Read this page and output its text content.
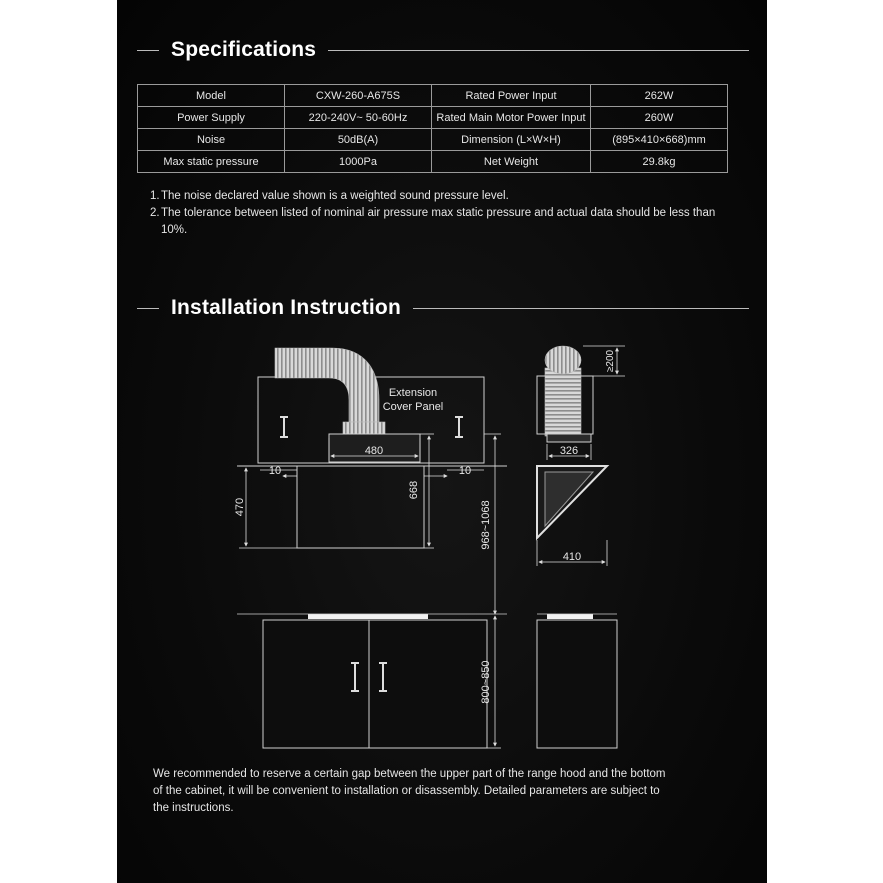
Specifications
Model	CXW-260-A675S	Rated Power Input	262W
Power Supply	220-240V~ 50-60Hz	Rated Main Motor Power Input	260W
Noise	50dB(A)	Dimension (L×W×H)	(895×410×668)mm
Max static pressure	1000Pa	Net Weight	29.8kg
1. The noise declared value shown is a weighted sound pressure level.
2. The tolerance between listed of nominal air pressure max static pressure and actual data should be less than 10%.
Installation Instruction
Extension
Cover Panel
480
10	10
470
668
968~1068
≥200
326
410
800~850
We recommended to reserve a certain gap between the upper part of the range hood and the bottom of the cabinet, it will be convenient to installation or disassembly. Detailed parameters are subject to the instructions.
